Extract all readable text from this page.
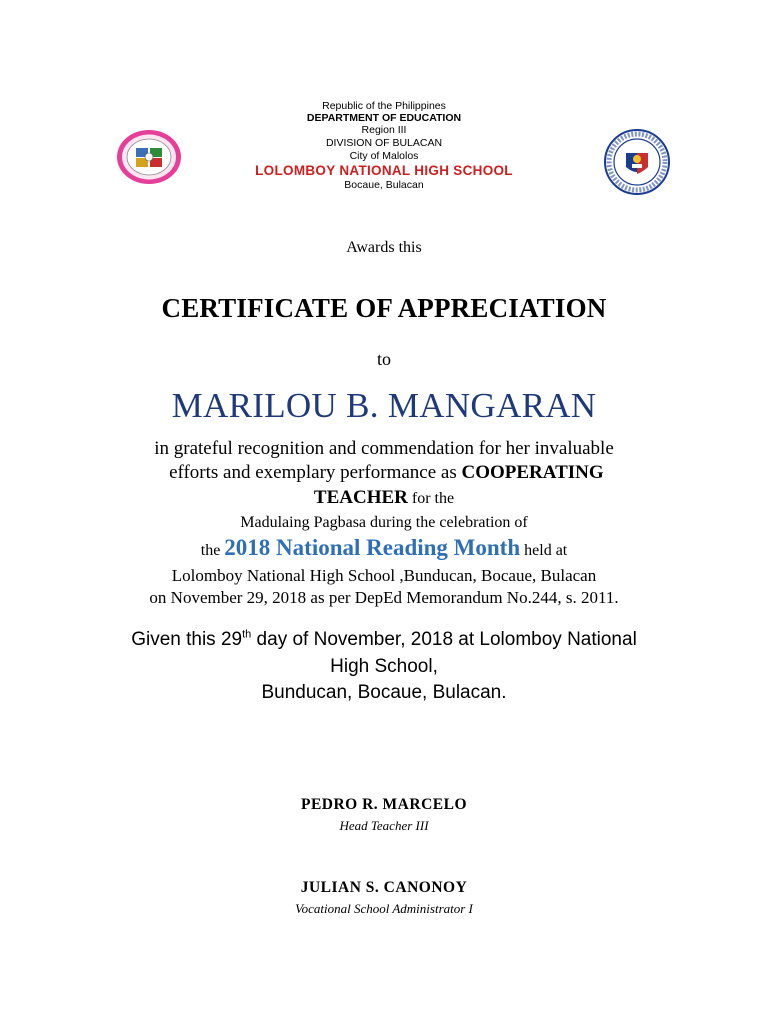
Republic of the Philippines
DEPARTMENT OF EDUCATION
Region III
DIVISION OF BULACAN
City of Malolos
LOLOMBOY NATIONAL HIGH SCHOOL
Bocaue, Bulacan
Awards this
CERTIFICATE OF APPRECIATION
to
MARILOU B. MANGARAN
in grateful recognition and commendation for her invaluable
efforts and exemplary performance as COOPERATING
TEACHER for the
Madulaing Pagbasa during the celebration of
the 2018 National Reading Month held at
Lolomboy National High School ,Bunducan, Bocaue, Bulacan
on November 29, 2018 as per DepEd Memorandum No.244, s. 2011.
Given this 29th day of November, 2018 at Lolomboy National
High School,
Bunducan, Bocaue, Bulacan.
PEDRO R. MARCELO
Head Teacher III
JULIAN S. CANONOY
Vocational School Administrator I
